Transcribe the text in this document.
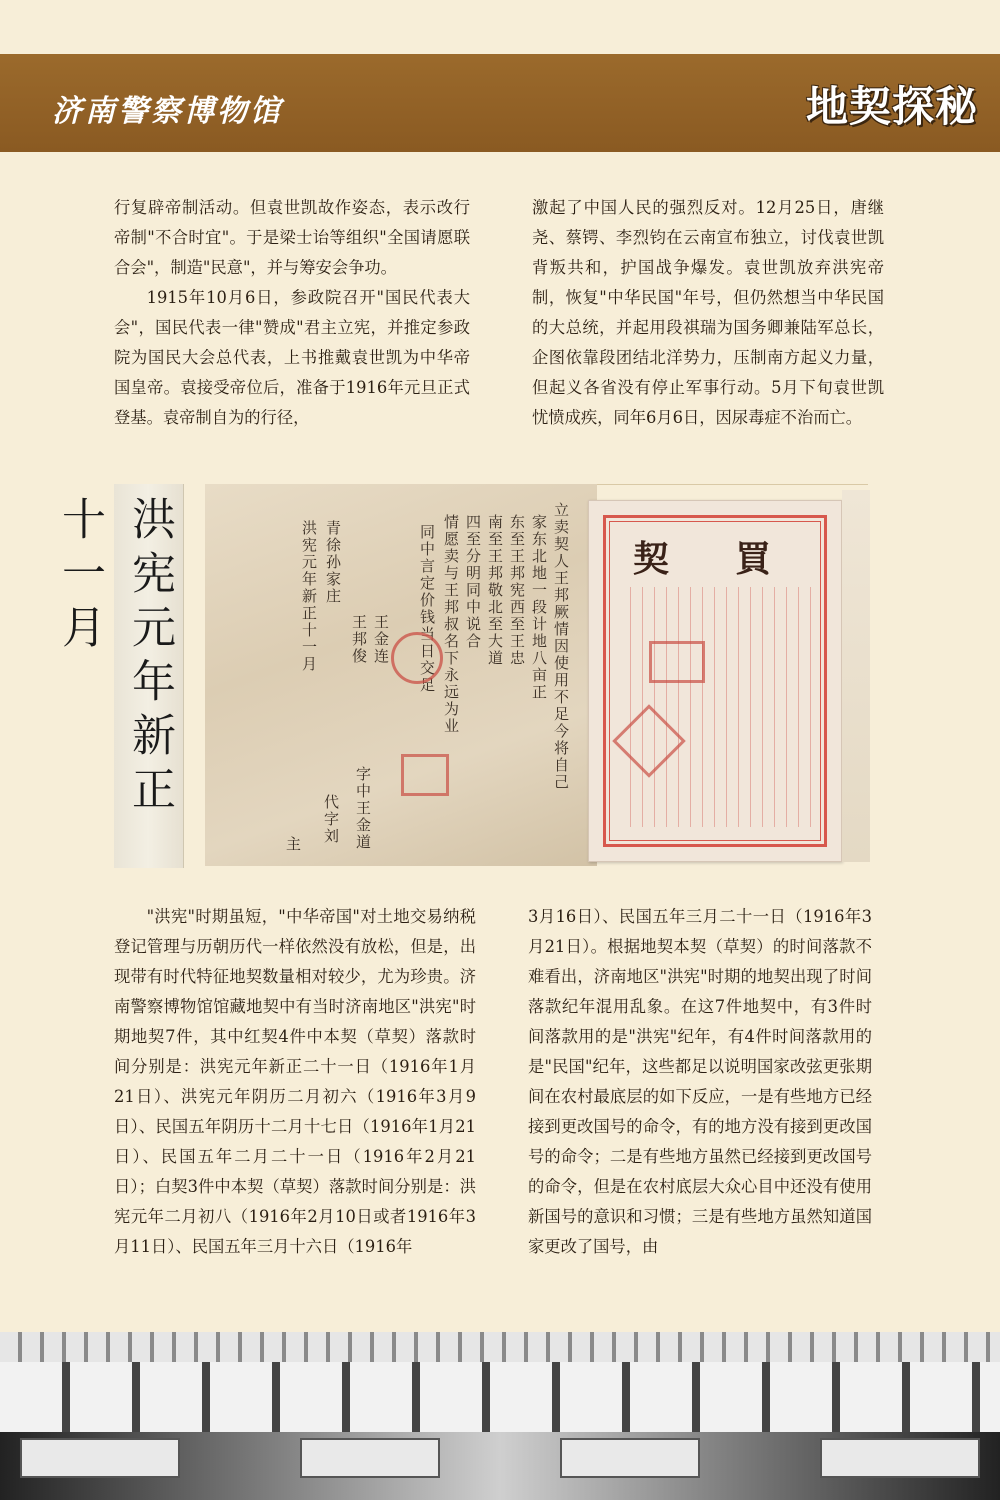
济南警察博物馆	地契探秘

行复辟帝制活动。但袁世凯故作姿态，表示改行帝制"不合时宜"。于是梁士诒等组织"全国请愿联合会"，制造"民意"，并与筹安会争功。

1915年10月6日，参政院召开"国民代表大会"，国民代表一律"赞成"君主立宪，并推定参政院为国民大会总代表，上书推戴袁世凯为中华帝国皇帝。袁接受帝位后，准备于1916年元旦正式登基。袁帝制自为的行径，

激起了中国人民的强烈反对。12月25日，唐继尧、蔡锷、李烈钧在云南宣布独立，讨伐袁世凯背叛共和，护国战争爆发。袁世凯放弃洪宪帝制，恢复"中华民国"年号，但仍然想当中华民国的大总统，并起用段祺瑞为国务卿兼陆军总长，企图依靠段团结北洋势力，压制南方起义力量，但起义各省没有停止军事行动。5月下旬袁世凯忧愤成疾，同年6月6日，因尿毒症不治而亡。

洪宪元年新正十一月	立卖契人王邦厥情因使用不足今将自己
家东北地一段计地八亩正
东至王邦宪西至王忠
南至王邦敬北至大道
四至分明同中说合
情愿卖与王邦叔名下永远为业
同中言定价钱当日交足
王金连
王邦俊
洪宪元年新正十一月 青徐孙家庄
字中王金道
代字刘
主
買
契

"洪宪"时期虽短，"中华帝国"对土地交易纳税登记管理与历朝历代一样依然没有放松，但是，出现带有时代特征地契数量相对较少，尤为珍贵。济南警察博物馆馆藏地契中有当时济南地区"洪宪"时期地契7件，其中红契4件中本契（草契）落款时间分别是：洪宪元年新正二十一日（1916年1月21日）、洪宪元年阴历二月初六（1916年3月9日）、民国五年阴历十二月十七日（1916年1月21日）、民国五年二月二十一日（1916年2月21日）；白契3件中本契（草契）落款时间分别是：洪宪元年二月初八（1916年2月10日或者1916年3月11日）、民国五年三月十六日（1916年

3月16日）、民国五年三月二十一日（1916年3月21日）。根据地契本契（草契）的时间落款不难看出，济南地区"洪宪"时期的地契出现了时间落款纪年混用乱象。在这7件地契中，有3件时间落款用的是"洪宪"纪年，有4件时间落款用的是"民国"纪年，这些都足以说明国家改弦更张期间在农村最底层的如下反应，一是有些地方已经接到更改国号的命令，有的地方没有接到更改国号的命令；二是有些地方虽然已经接到更改国号的命令，但是在农村底层大众心目中还没有使用新国号的意识和习惯；三是有些地方虽然知道国家更改了国号，由
